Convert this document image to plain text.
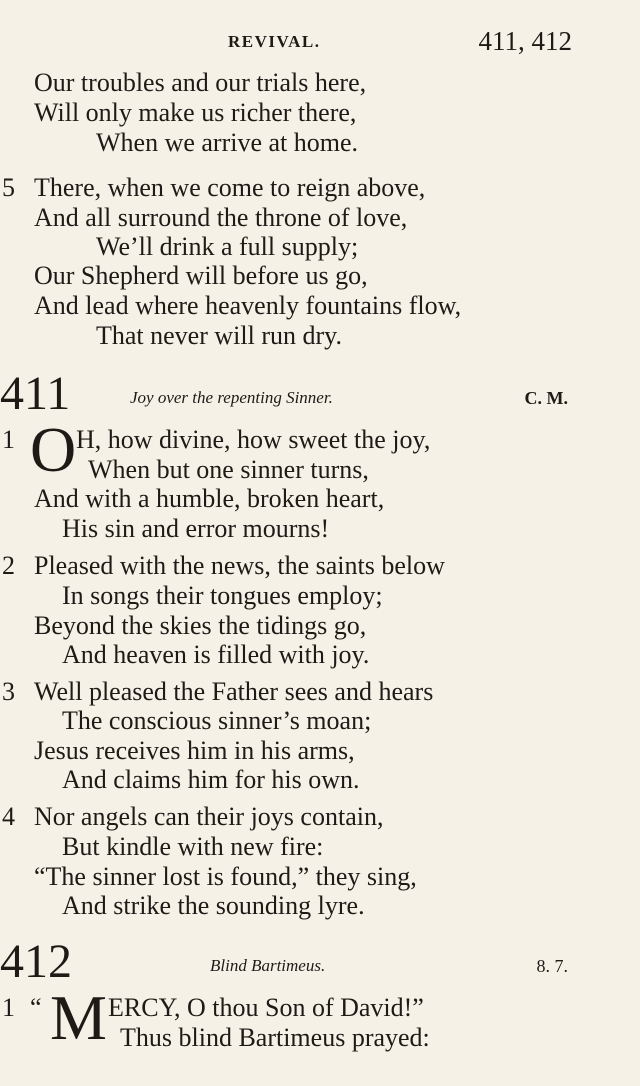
REVIVAL.	411, 412
Our troubles and our trials here,
Will only make us richer there,
When we arrive at home.
5 There, when we come to reign above,
And all surround the throne of love,
We’ll drink a full supply;
Our Shepherd will before us go,
And lead where heavenly fountains flow,
That never will run dry.
411	Joy over the repenting Sinner.	C. M.
1 O H, how divine, how sweet the joy,
When but one sinner turns,
And with a humble, broken heart,
His sin and error mourns!
2 Pleased with the news, the saints below
In songs their tongues employ;
Beyond the skies the tidings go,
And heaven is filled with joy.
3 Well pleased the Father sees and hears
The conscious sinner’s moan;
Jesus receives him in his arms,
And claims him for his own.
4 Nor angels can their joys contain,
But kindle with new fire:
“The sinner lost is found,” they sing,
And strike the sounding lyre.
412	Blind Bartimeus.	8. 7.
1 “ M ERCY, O thou Son of David!”
Thus blind Bartimeus prayed:
